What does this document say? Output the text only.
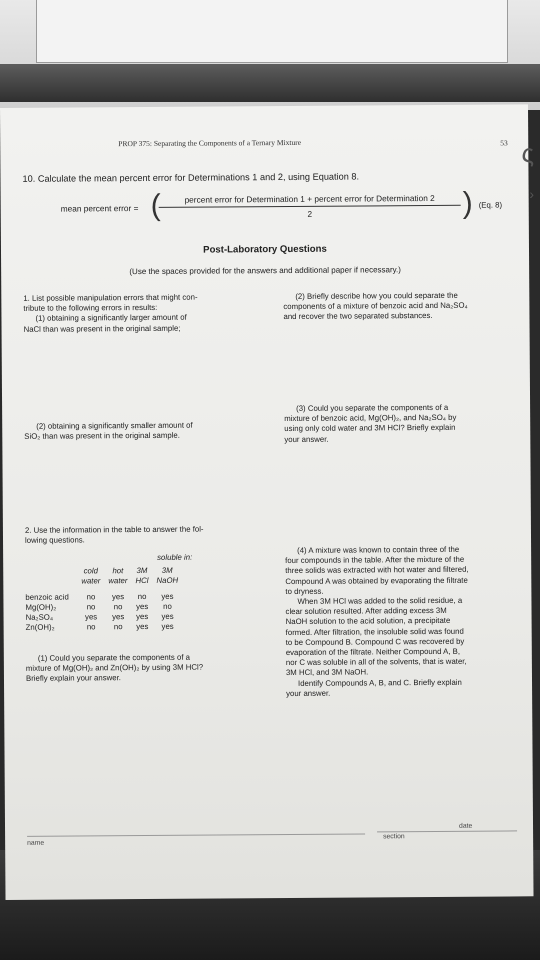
PROP 375: Separating the Components of a Ternary Mixture	53
10. Calculate the mean percent error for Determinations 1 and 2, using Equation 8.
mean percent error = (	percent error for Determination 1 + percent error for Determination 2
2	) (Eq. 8)
Post-Laboratory Questions
(Use the spaces provided for the answers and additional paper if necessary.)

1. List possible manipulation errors that might con-

tribute to the following errors in results:

(1) obtaining a significantly larger amount of

NaCl than was present in the original sample;

(2) obtaining a significantly smaller amount of

SiO₂ than was present in the original sample.

(2) Briefly describe how you could separate the

components of a mixture of benzoic acid and Na₂SO₄

and recover the two separated substances.

(3) Could you separate the components of a

mixture of benzoic acid, Mg(OH)₂, and Na₂SO₄ by

using only cold water and 3M HCl? Briefly explain

your answer.

2. Use the information in the table to answer the fol-

lowing questions.

soluble in:

	cold	hot	3M	3M
	water	water	HCl	NaOH

benzoic acid	no	yes	no	yes
Mg(OH)₂	no	no	yes	no
Na₂SO₄	yes	yes	yes	yes
Zn(OH)₂	no	no	yes	yes

(1) Could you separate the components of a

mixture of Mg(OH)₂ and Zn(OH)₂ by using 3M HCl?

Briefly explain your answer.

(4) A mixture was known to contain three of the

four compounds in the table. After the mixture of the

three solids was extracted with hot water and filtered,

Compound A was obtained by evaporating the filtrate

to dryness.

When 3M HCl was added to the solid residue, a

clear solution resulted. After adding excess 3M

NaOH solution to the acid solution, a precipitate

formed. After filtration, the insoluble solid was found

to be Compound B. Compound C was recovered by

evaporation of the filtrate. Neither Compound A, B,

nor C was soluble in all of the solvents, that is water,

3M HCl, and 3M NaOH.

Identify Compounds A, B, and C. Briefly explain

your answer.

name
section
date
ς
›
